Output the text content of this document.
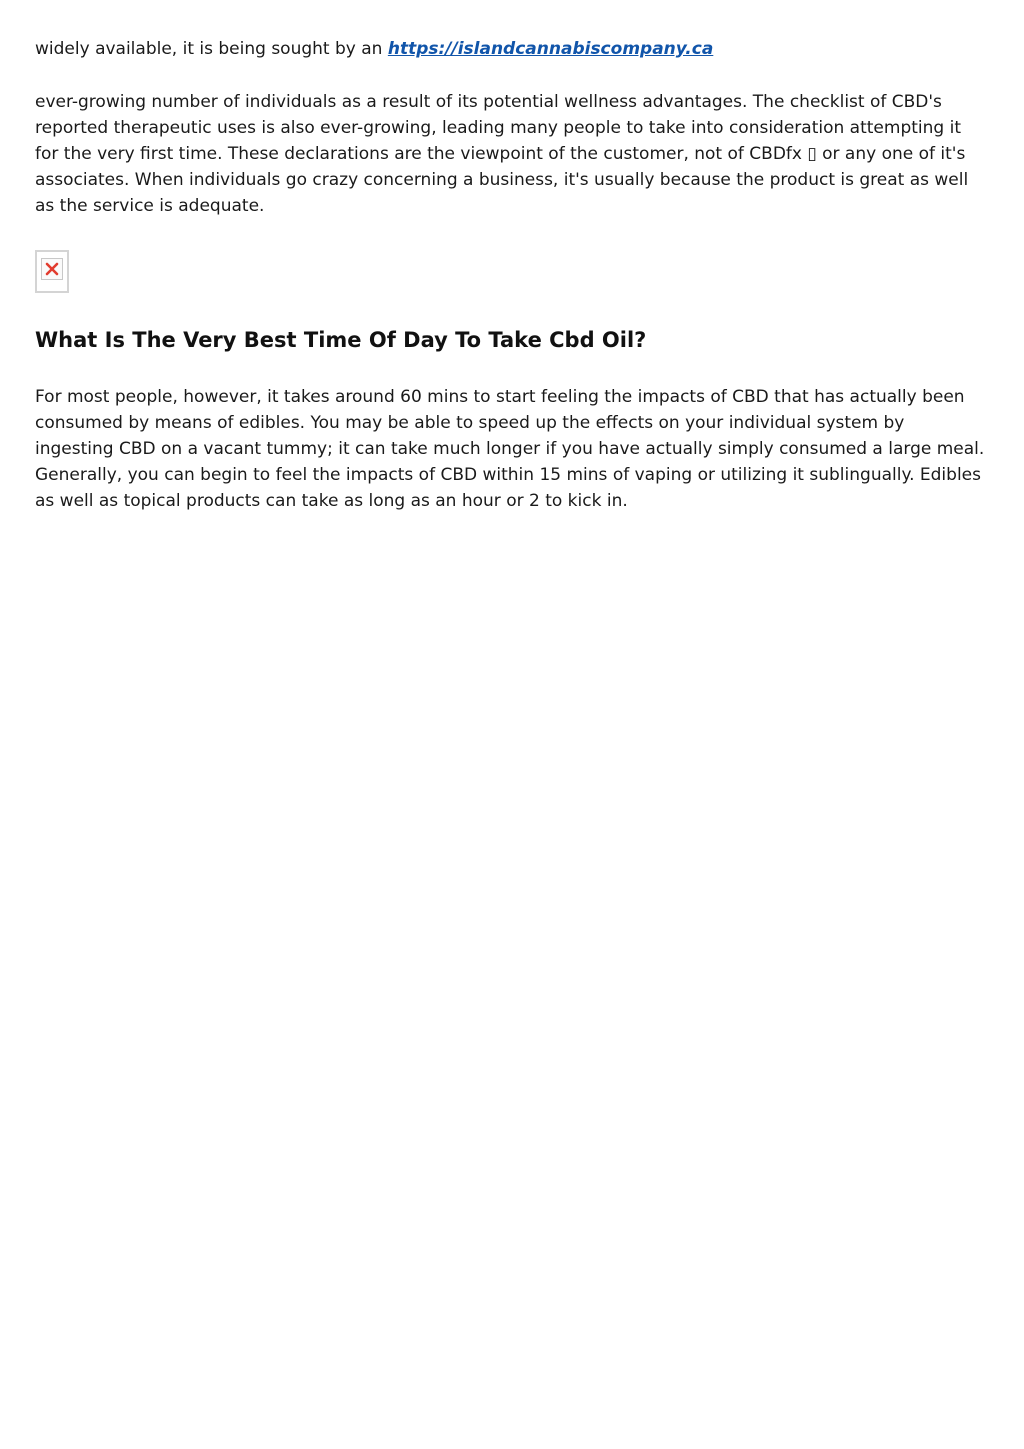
widely available, it is being sought by an https://islandcannabiscompany.ca

ever-growing number of individuals as a result of its potential wellness advantages. The checklist of CBD's reported therapeutic uses is also ever-growing, leading many people to take into consideration attempting it for the very first time. These declarations are the viewpoint of the customer, not of CBDfx ▯ or any one of it's associates. When individuals go crazy concerning a business, it's usually because the product is great as well as the service is adequate.

What Is The Very Best Time Of Day To Take Cbd Oil?

For most people, however, it takes around 60 mins to start feeling the impacts of CBD that has actually been consumed by means of edibles. You may be able to speed up the effects on your individual system by ingesting CBD on a vacant tummy; it can take much longer if you have actually simply consumed a large meal. Generally, you can begin to feel the impacts of CBD within 15 mins of vaping or utilizing it sublingually. Edibles as well as topical products can take as long as an hour or 2 to kick in.
